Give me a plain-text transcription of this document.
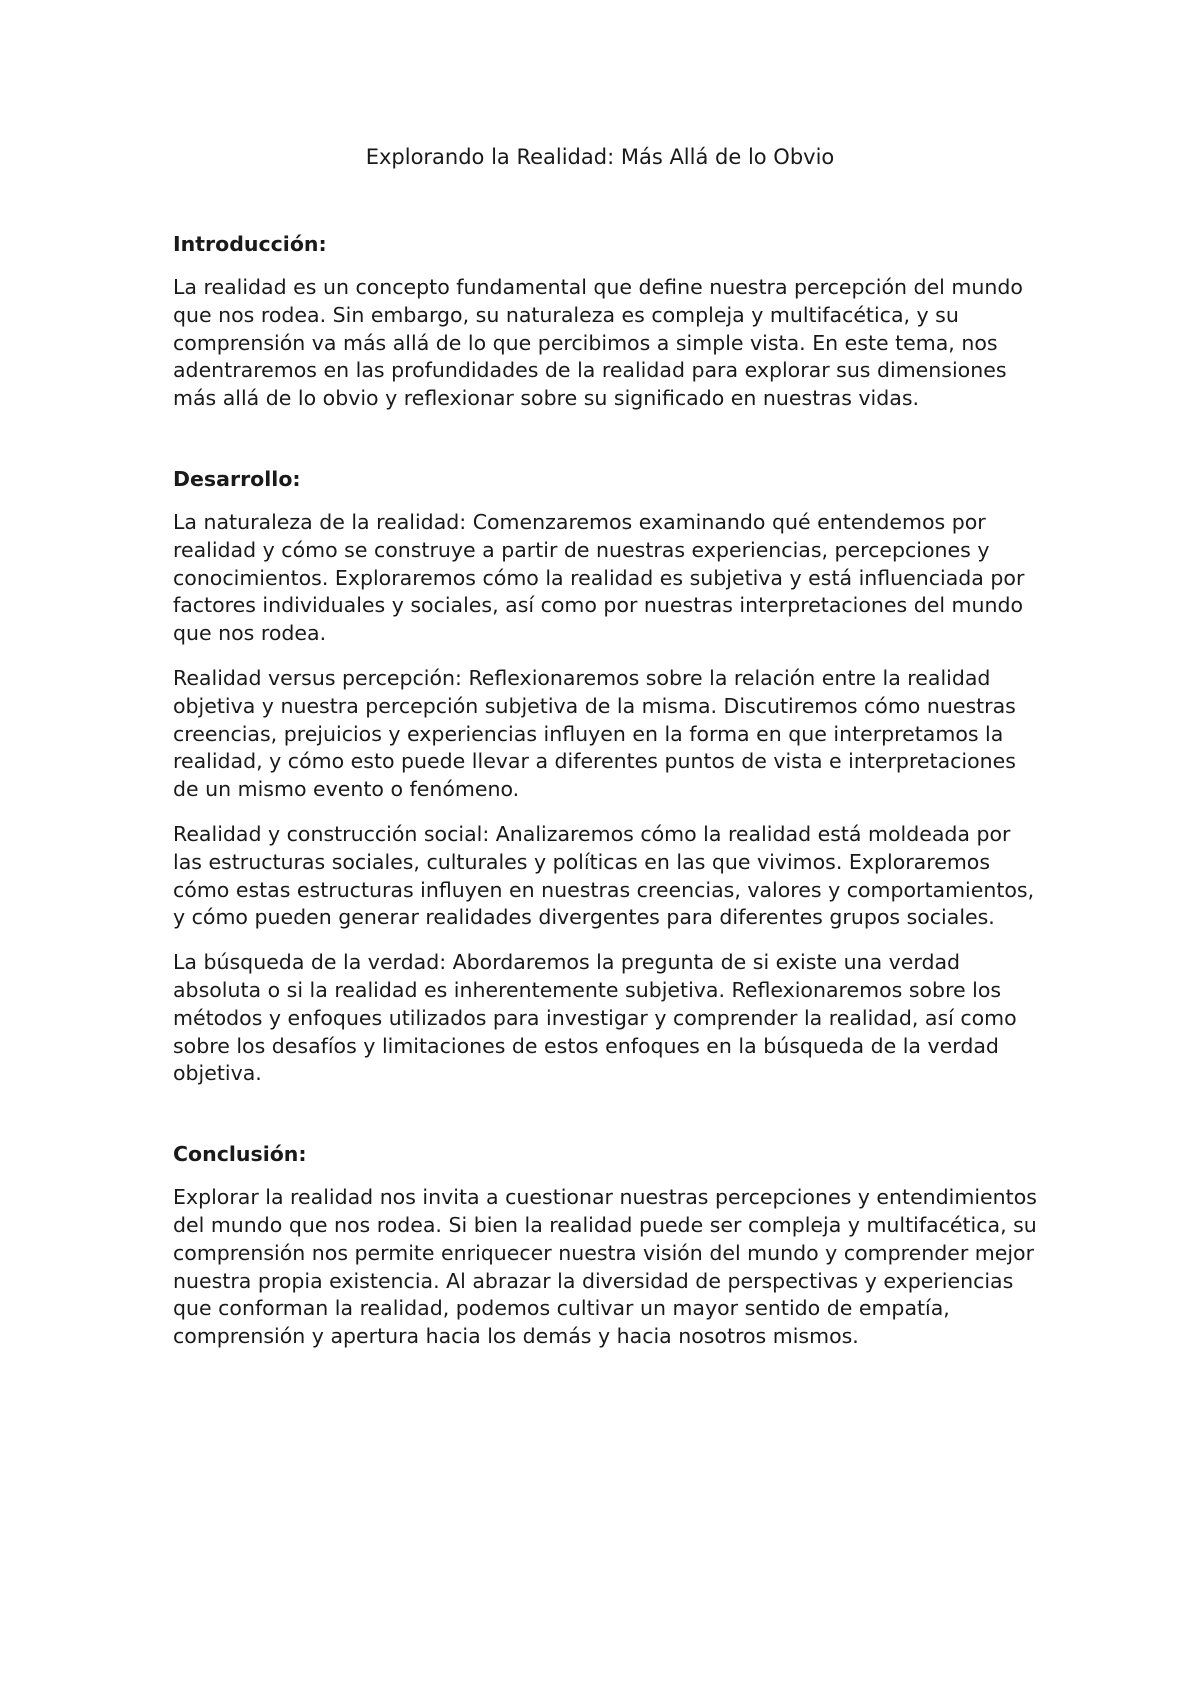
Explorando la Realidad: Más Allá de lo Obvio
Introducción:

La realidad es un concepto fundamental que define nuestra percepción del mundo que nos rodea. Sin embargo, su naturaleza es compleja y multifacética, y su comprensión va más allá de lo que percibimos a simple vista. En este tema, nos adentraremos en las profundidades de la realidad para explorar sus dimensiones más allá de lo obvio y reflexionar sobre su significado en nuestras vidas.

Desarrollo:

La naturaleza de la realidad: Comenzaremos examinando qué entendemos por realidad y cómo se construye a partir de nuestras experiencias, percepciones y conocimientos. Exploraremos cómo la realidad es subjetiva y está influenciada por factores individuales y sociales, así como por nuestras interpretaciones del mundo que nos rodea.

Realidad versus percepción: Reflexionaremos sobre la relación entre la realidad objetiva y nuestra percepción subjetiva de la misma. Discutiremos cómo nuestras creencias, prejuicios y experiencias influyen en la forma en que interpretamos la realidad, y cómo esto puede llevar a diferentes puntos de vista e interpretaciones de un mismo evento o fenómeno.

Realidad y construcción social: Analizaremos cómo la realidad está moldeada por las estructuras sociales, culturales y políticas en las que vivimos. Exploraremos cómo estas estructuras influyen en nuestras creencias, valores y comportamientos, y cómo pueden generar realidades divergentes para diferentes grupos sociales.

La búsqueda de la verdad: Abordaremos la pregunta de si existe una verdad absoluta o si la realidad es inherentemente subjetiva. Reflexionaremos sobre los métodos y enfoques utilizados para investigar y comprender la realidad, así como sobre los desafíos y limitaciones de estos enfoques en la búsqueda de la verdad objetiva.

Conclusión:

Explorar la realidad nos invita a cuestionar nuestras percepciones y entendimientos del mundo que nos rodea. Si bien la realidad puede ser compleja y multifacética, su comprensión nos permite enriquecer nuestra visión del mundo y comprender mejor nuestra propia existencia. Al abrazar la diversidad de perspectivas y experiencias que conforman la realidad, podemos cultivar un mayor sentido de empatía, comprensión y apertura hacia los demás y hacia nosotros mismos.
